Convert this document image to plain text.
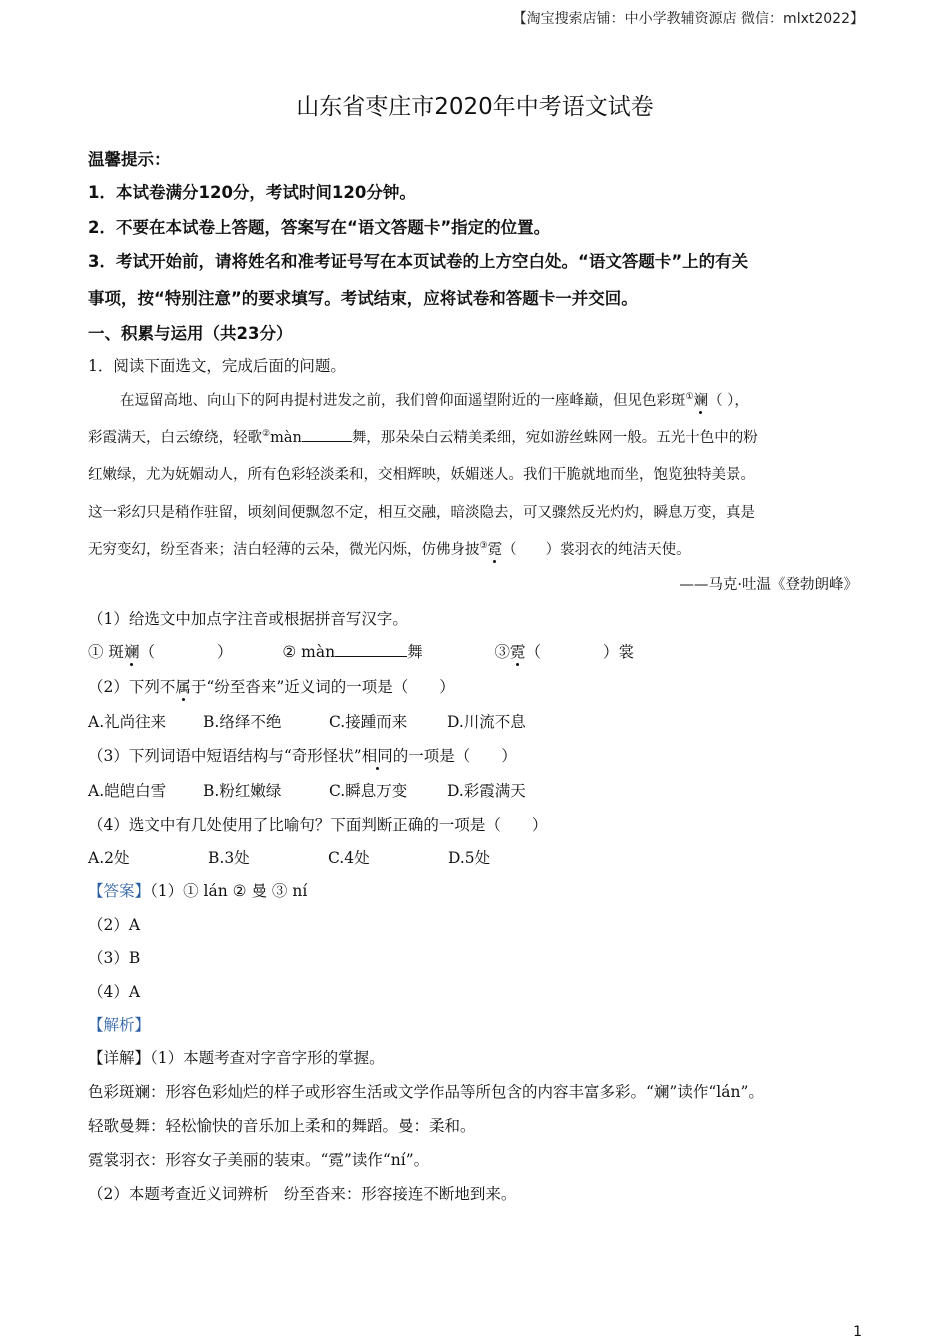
【淘宝搜索店铺：中小学教辅资源店 微信：mlxt2022】
山东省枣庄市2020年中考语文试卷
温馨提示：
1．本试卷满分120分，考试时间120分钟。
2．不要在本试卷上答题，答案写在“语文答题卡”指定的位置。
3．考试开始前，请将姓名和准考证号写在本页试卷的上方空白处。“语文答题卡”上的有关
事项，按“特别注意”的要求填写。考试结束，应将试卷和答题卡一并交回。
一、积累与运用（共23分）
1．阅读下面选文，完成后面的问题。
在逗留高地、向山下的阿冉提村进发之前，我们曾仰面遥望附近的一座峰巅，但见色彩斑①斓（ ），
彩霞满天，白云缭绕，轻歌②màn	舞，那朵朵白云精美柔细，宛如游丝蛛网一般。五光十色中的粉
红嫩绿，尤为妩媚动人，所有色彩轻淡柔和，交相辉映，妖媚迷人。我们干脆就地而坐，饱览独特美景。
这一彩幻只是稍作驻留，顷刻间便飘忽不定，相互交融，暗淡隐去，可又骤然反光灼灼，瞬息万变，真是
无穷变幻，纷至沓来；洁白轻薄的云朵，微光闪烁，仿佛身披③霓（　　）裳羽衣的纯洁天使。
——马克·吐温《登勃朗峰》
（1）给选文中加点字注音或根据拼音写汉字。
① 斑斓（　　　　）	② màn	舞	③霓（　　　　）裳
（2）下列不属于“纷至沓来”近义词的一项是（　　）
A.礼尚往来 B.络绎不绝	C.接踵而来	D.川流不息
（3）下列词语中短语结构与“奇形怪状”相同的一项是（　　）
A.皑皑白雪 B.粉红嫩绿	C.瞬息万变	D.彩霞满天
（4）选文中有几处使用了比喻句？下面判断正确的一项是（　　）
A.2处	B.3处	C.4处	D.5处
【答案】（1）① lán ② 曼 ③ ní
（2）A
（3）B
（4）A
【解析】
【详解】（1）本题考查对字音字形的掌握。
色彩斑斓：形容色彩灿烂的样子或形容生活或文学作品等所包含的内容丰富多彩。“斓”读作“lán”。
轻歌曼舞：轻松愉快的音乐加上柔和的舞蹈。曼：柔和。
霓裳羽衣：形容女子美丽的装束。“霓”读作“ní”。
（2）本题考查近义词辨析　纷至沓来：形容接连不断地到来。
1
